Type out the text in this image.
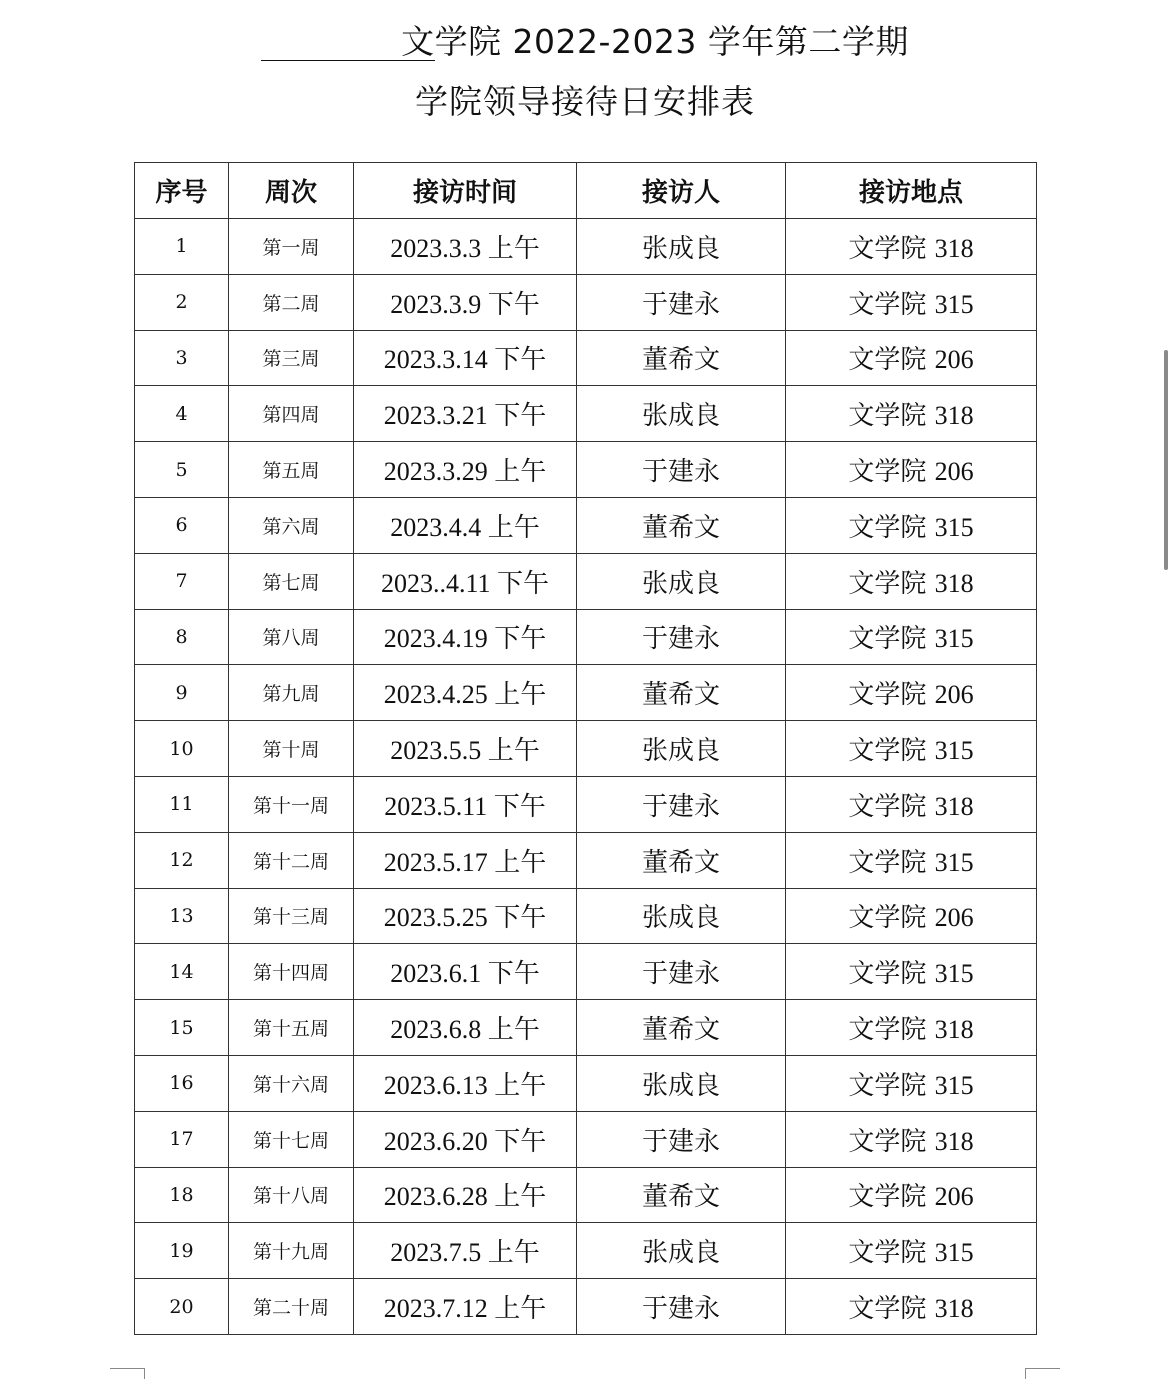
文学院 2022-2023 学年第二学期
学院领导接待日安排表
序号	周次	接访时间	接访人	接访地点
1	第一周	2023.3.3 上午	张成良	文学院 318
2	第二周	2023.3.9 下午	于建永	文学院 315
3	第三周	2023.3.14 下午	董希文	文学院 206
4	第四周	2023.3.21 下午	张成良	文学院 318
5	第五周	2023.3.29 上午	于建永	文学院 206
6	第六周	2023.4.4 上午	董希文	文学院 315
7	第七周	2023..4.11 下午	张成良	文学院 318
8	第八周	2023.4.19 下午	于建永	文学院 315
9	第九周	2023.4.25 上午	董希文	文学院 206
10	第十周	2023.5.5 上午	张成良	文学院 315
11	第十一周	2023.5.11 下午	于建永	文学院 318
12	第十二周	2023.5.17 上午	董希文	文学院 315
13	第十三周	2023.5.25 下午	张成良	文学院 206
14	第十四周	2023.6.1 下午	于建永	文学院 315
15	第十五周	2023.6.8 上午	董希文	文学院 318
16	第十六周	2023.6.13 上午	张成良	文学院 315
17	第十七周	2023.6.20 下午	于建永	文学院 318
18	第十八周	2023.6.28 上午	董希文	文学院 206
19	第十九周	2023.7.5 上午	张成良	文学院 315
20	第二十周	2023.7.12 上午	于建永	文学院 318
